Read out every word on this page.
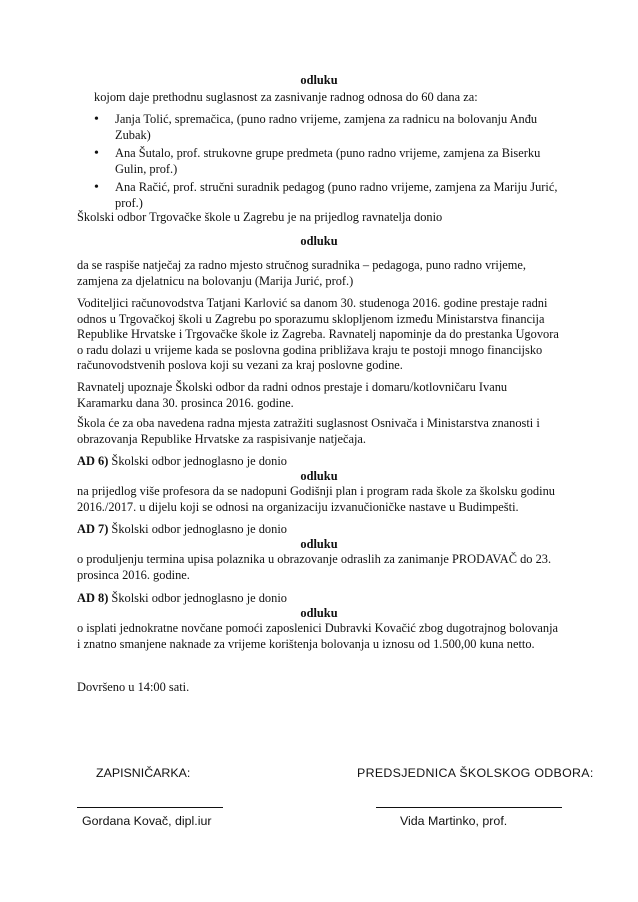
odluku
kojom daje prethodnu suglasnost za zasnivanje radnog odnosa do 60 dana za:
• Janja Tolić, spremačica, (puno radno vrijeme, zamjena za radnicu na bolovanju Anđu Zubak)
• Ana Šutalo, prof. strukovne grupe predmeta (puno radno vrijeme, zamjena za Biserku Gulin, prof.)
• Ana Račić, prof. stručni suradnik pedagog (puno radno vrijeme, zamjena za Mariju Jurić, prof.)
Školski odbor Trgovačke škole u Zagrebu je na prijedlog ravnatelja donio
odluku
da se raspiše natječaj za radno mjesto stručnog suradnika – pedagoga, puno radno vrijeme, zamjena za djelatnicu na bolovanju (Marija Jurić, prof.)
Voditeljici računovodstva Tatjani Karlović sa danom 30. studenoga 2016. godine prestaje radni odnos u Trgovačkoj školi u Zagrebu po sporazumu sklopljenom između Ministarstva financija Republike Hrvatske i Trgovačke škole iz Zagreba. Ravnatelj napominje da do prestanka Ugovora o radu dolazi u vrijeme kada se poslovna godina približava kraju te postoji mnogo financijsko računovodstvenih poslova koji su vezani za kraj poslovne godine.
Ravnatelj upoznaje Školski odbor da radni odnos prestaje i domaru/kotlovničaru Ivanu Karamarku dana 30. prosinca 2016. godine.
Škola će za oba navedena radna mjesta zatražiti suglasnost Osnivača i Ministarstva znanosti i obrazovanja Republike Hrvatske za raspisivanje natječaja.
AD 6) Školski odbor jednoglasno je donio
odluku
na prijedlog više profesora da se nadopuni Godišnji plan i program rada škole za školsku godinu 2016./2017. u dijelu koji se odnosi na organizaciju izvanučioničke nastave u Budimpešti.
AD 7) Školski odbor jednoglasno je donio
odluku
o produljenju termina upisa polaznika u obrazovanje odraslih za zanimanje PRODAVAČ do 23. prosinca 2016. godine.
AD 8) Školski odbor jednoglasno je donio
odluku
o isplati jednokratne novčane pomoći zaposlenici Dubravki Kovačić zbog dugotrajnog bolovanja i znatno smanjene naknade za vrijeme korištenja bolovanja u iznosu od 1.500,00 kuna netto.
Dovršeno u 14:00 sati.
ZAPISNIČARKA:	PREDSJEDNICA ŠKOLSKOG ODBORA:
Gordana Kovač, dipl.iur	Vida Martinko, prof.
